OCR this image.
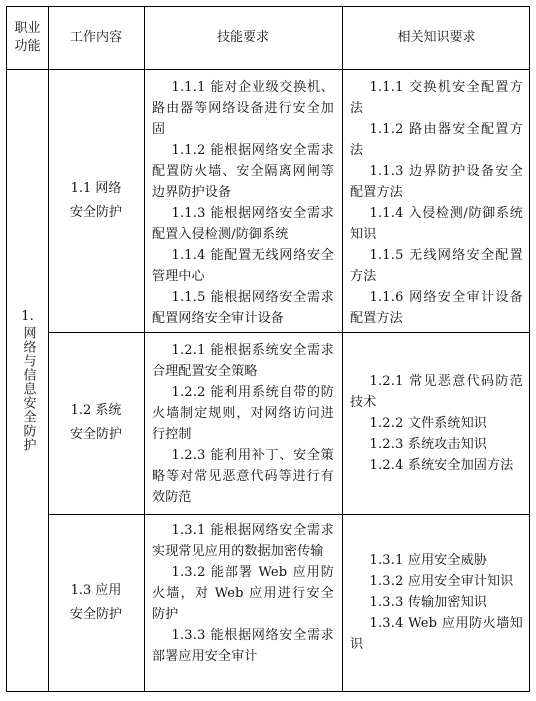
职业
功能
工作内容	技能要求	相关知识要求
1.
网络与信息安全防护
1.1 网络
安全防护
1.1.1 能对企业级交换机、路由器等网络设备进行安全加固
1.1.2 能根据网络安全需求配置防火墙、安全隔离网闸等边界防护设备
1.1.3 能根据网络安全需求配置入侵检测/防御系统
1.1.4 能配置无线网络安全管理中心
1.1.5 能根据网络安全需求配置网络安全审计设备
1.1.1 交换机安全配置方法
1.1.2 路由器安全配置方法
1.1.3 边界防护设备安全配置方法
1.1.4 入侵检测/防御系统知识
1.1.5 无线网络安全配置方法
1.1.6 网络安全审计设备配置方法
1.2 系统
安全防护
1.2.1 能根据系统安全需求合理配置安全策略
1.2.2 能利用系统自带的防火墙制定规则，对网络访问进行控制
1.2.3 能利用补丁、安全策略等对常见恶意代码等进行有效防范
1.2.1 常见恶意代码防范技术
1.2.2 文件系统知识
1.2.3 系统攻击知识
1.2.4 系统安全加固方法
1.3 应用
安全防护
1.3.1 能根据网络安全需求实现常见应用的数据加密传输
1.3.2 能部署 Web 应用防火墙，对 Web 应用进行安全防护
1.3.3 能根据网络安全需求部署应用安全审计
1.3.1 应用安全威胁
1.3.2 应用安全审计知识
1.3.3 传输加密知识
1.3.4 Web 应用防火墙知识
